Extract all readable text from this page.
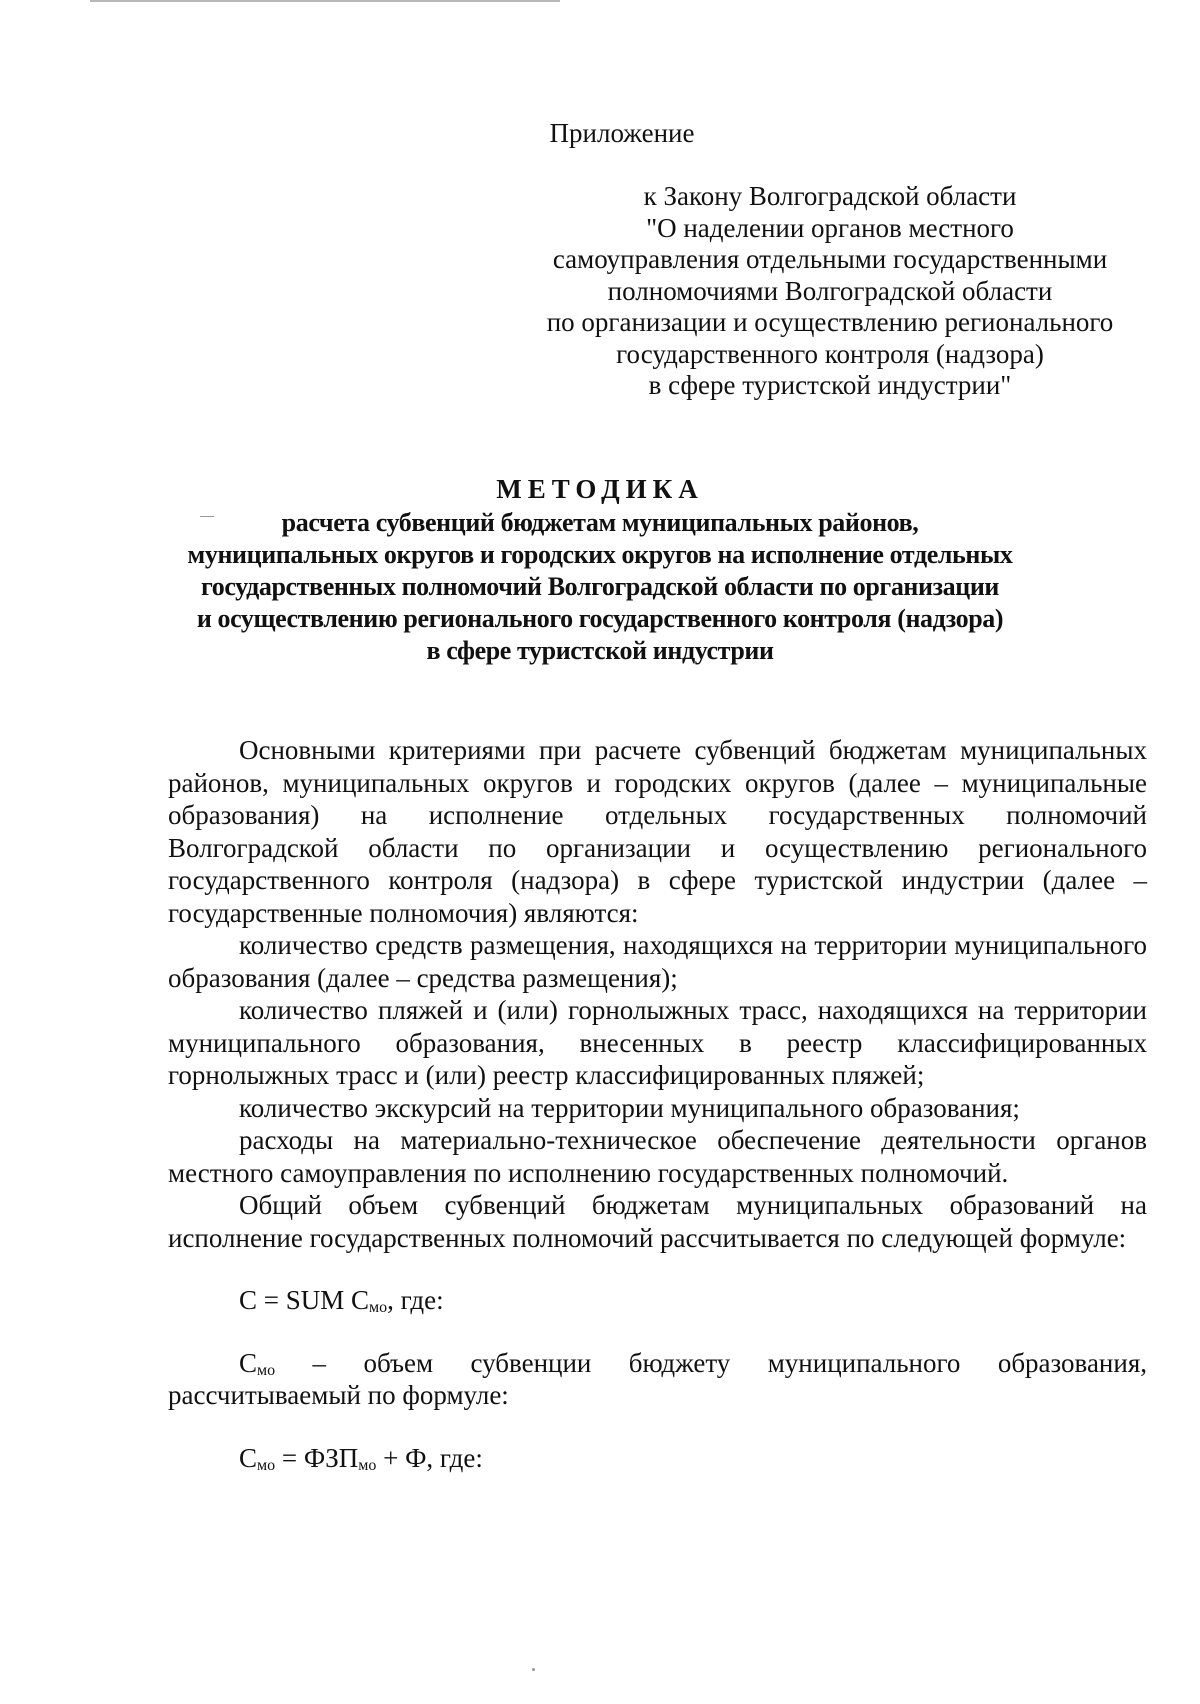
Приложение
к Закону Волгоградской области
"О наделении органов местного
самоуправления отдельными государственными
полномочиями Волгоградской области
по организации и осуществлению регионального
государственного контроля (надзора)
в сфере туристской индустрии"
МЕТОДИКА
расчета субвенций бюджетам муниципальных районов,
муниципальных округов и городских округов на исполнение отдельных
государственных полномочий Волгоградской области по организации
и осуществлению регионального государственного контроля (надзора)
в сфере туристской индустрии

Основными критериями при расчете субвенций бюджетам муниципальных районов, муниципальных округов и городских округов (далее – муниципальные образования) на исполнение отдельных государственных полномочий Волгоградской области по организации и осуществлению регионального государственного контроля (надзора) в сфере туристской индустрии (далее – государственные полномочия) являются:

количество средств размещения, находящихся на территории муниципального образования (далее – средства размещения);

количество пляжей и (или) горнолыжных трасс, находящихся на территории муниципального образования, внесенных в реестр классифицированных горнолыжных трасс и (или) реестр классифицированных пляжей;

количество экскурсий на территории муниципального образования;

расходы на материально-техническое обеспечение деятельности органов местного самоуправления по исполнению государственных полномочий.

Общий объем субвенций бюджетам муниципальных образований на исполнение государственных полномочий рассчитывается по следующей формуле:

С = SUM $С_{мо}$, где:

$С_{мо}$ – объем субвенции бюджету муниципального образования, рассчитываемый по формуле:

$С_{мо} = ФЗП_{мо} + Ф$, где:
